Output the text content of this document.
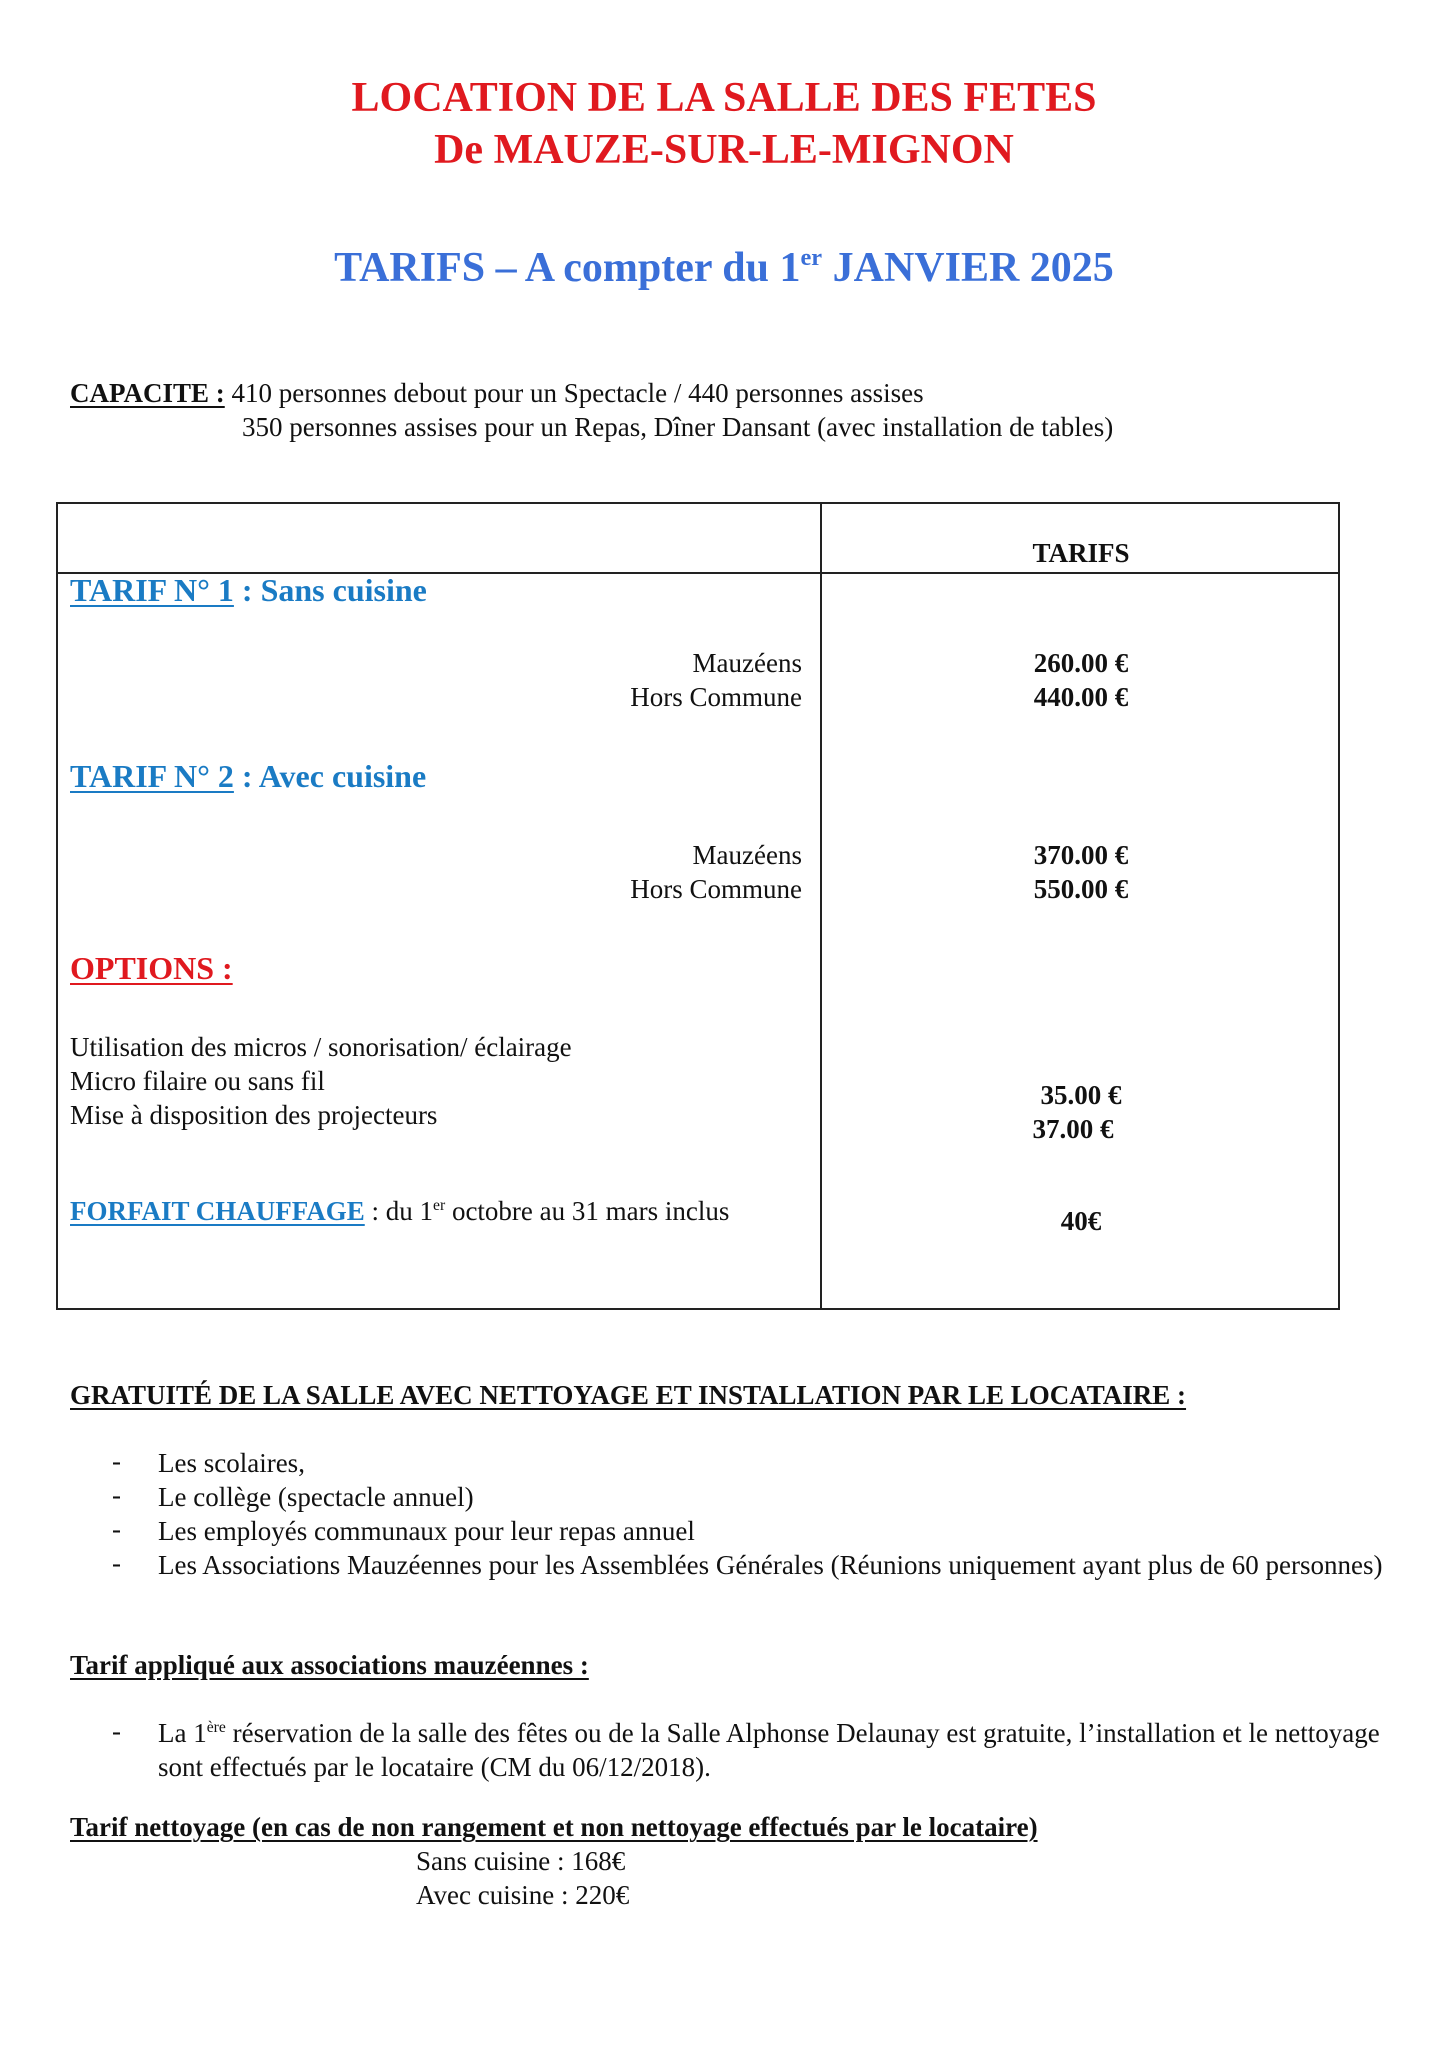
LOCATION DE LA SALLE DES FETES
De MAUZE-SUR-LE-MIGNON
TARIFS – A compter du 1er JANVIER 2025
CAPACITE : 410 personnes debout pour un Spectacle / 440 personnes assises
350 personnes assises pour un Repas, Dîner Dansant (avec installation de tables)
TARIFS
TARIF N° 1 : Sans cuisine
Mauzéens
Hors Commune
260.00 €
440.00 €
TARIF N° 2 : Avec cuisine
Mauzéens
Hors Commune
370.00 €
550.00 €
OPTIONS :
Utilisation des micros / sonorisation/ éclairage
Micro filaire ou sans fil
Mise à disposition des projecteurs
35.00 €
37.00 €
FORFAIT CHAUFFAGE : du 1er octobre au 31 mars inclus	40€
GRATUITÉ DE LA SALLE AVEC NETTOYAGE ET INSTALLATION PAR LE LOCATAIRE :
- Les scolaires,
- Le collège (spectacle annuel)
- Les employés communaux pour leur repas annuel
- Les Associations Mauzéennes pour les Assemblées Générales (Réunions uniquement ayant plus de 60 personnes)
Tarif appliqué aux associations mauzéennes :
- La 1ère réservation de la salle des fêtes ou de la Salle Alphonse Delaunay est gratuite, l’installation et le nettoyage sont effectués par le locataire (CM du 06/12/2018).
Tarif nettoyage (en cas de non rangement et non nettoyage effectués par le locataire)
Sans cuisine : 168€
Avec cuisine : 220€
